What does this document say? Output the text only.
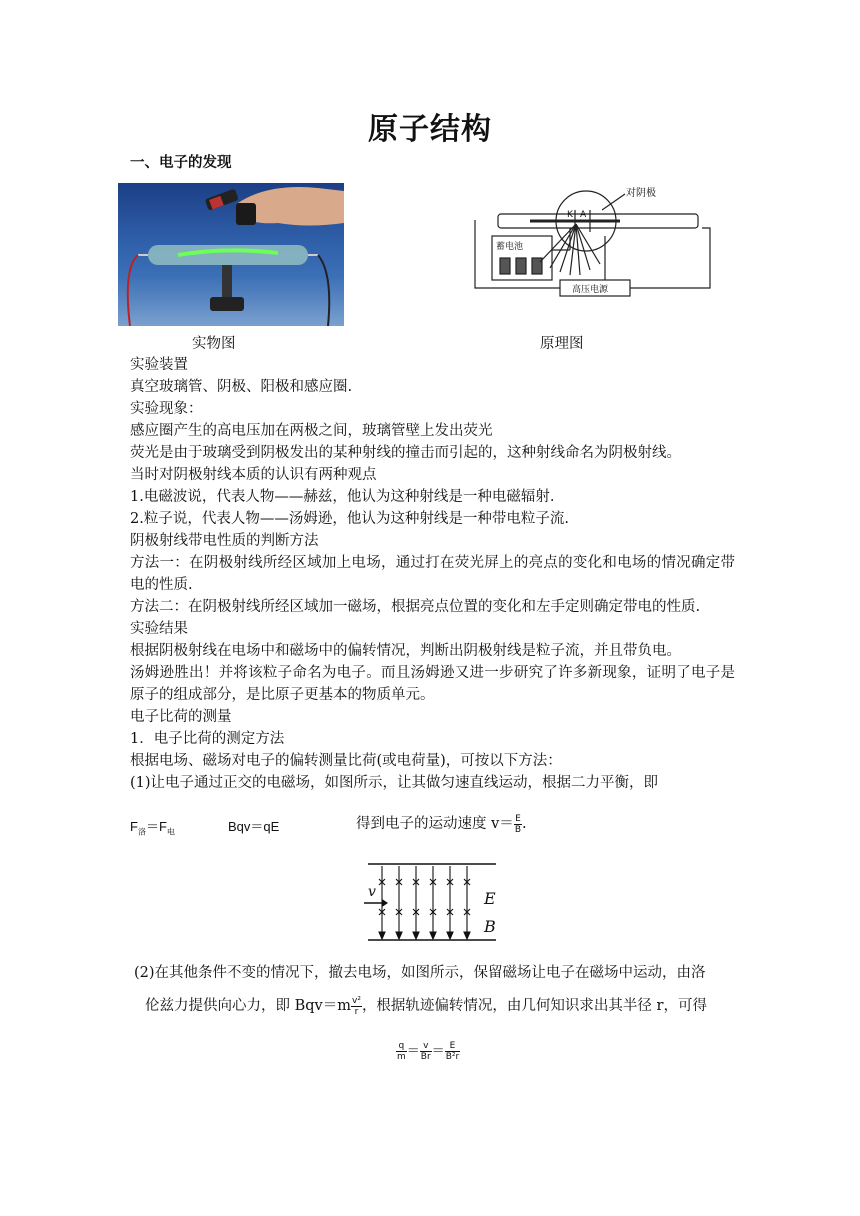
原子结构
一、电子的发现
对阴极
K A
蓄电池
高压电源
实物图	原理图
实验装置
真空玻璃管、阴极、阳极和感应圈.
实验现象：
感应圈产生的高电压加在两极之间，玻璃管壁上发出荧光
荧光是由于玻璃受到阴极发出的某种射线的撞击而引起的，这种射线命名为阴极射线。
当时对阴极射线本质的认识有两种观点
1.电磁波说，代表人物——赫兹，他认为这种射线是一种电磁辐射.
2.粒子说，代表人物——汤姆逊，他认为这种射线是一种带电粒子流.
阴极射线带电性质的判断方法
方法一：在阴极射线所经区域加上电场，通过打在荧光屏上的亮点的变化和电场的情况确定带电的性质.
方法二：在阴极射线所经区域加一磁场，根据亮点位置的变化和左手定则确定带电的性质.
实验结果
根据阴极射线在电场中和磁场中的偏转情况，判断出阴极射线是粒子流，并且带负电。
汤姆逊胜出！并将该粒子命名为电子。而且汤姆逊又进一步研究了许多新现象，证明了电子是原子的组成部分，是比原子更基本的物质单元。
电子比荷的测量
1．电子比荷的测定方法
根据电场、磁场对电子的偏转测量比荷(或电荷量)，可按以下方法：
(1)让电子通过正交的电磁场，如图所示，让其做匀速直线运动，根据二力平衡，即
$F_洛=F_电$	Bqv＝qE	得到电子的运动速度 $v= \frac{E}{B}$ .
v	E
B
(2)在其他条件不变的情况下，撤去电场，如图所示，保留磁场让电子在磁场中运动，由洛
伦兹力提供向心力，即 $Bqv=m \frac{\text{v²}}{r}$ ，根据轨迹偏转情况，由几何知识求出其半径 r，可得
$\frac{q}{m} = \frac{v}{Br} = \frac{E}{\text{B²r}}$
